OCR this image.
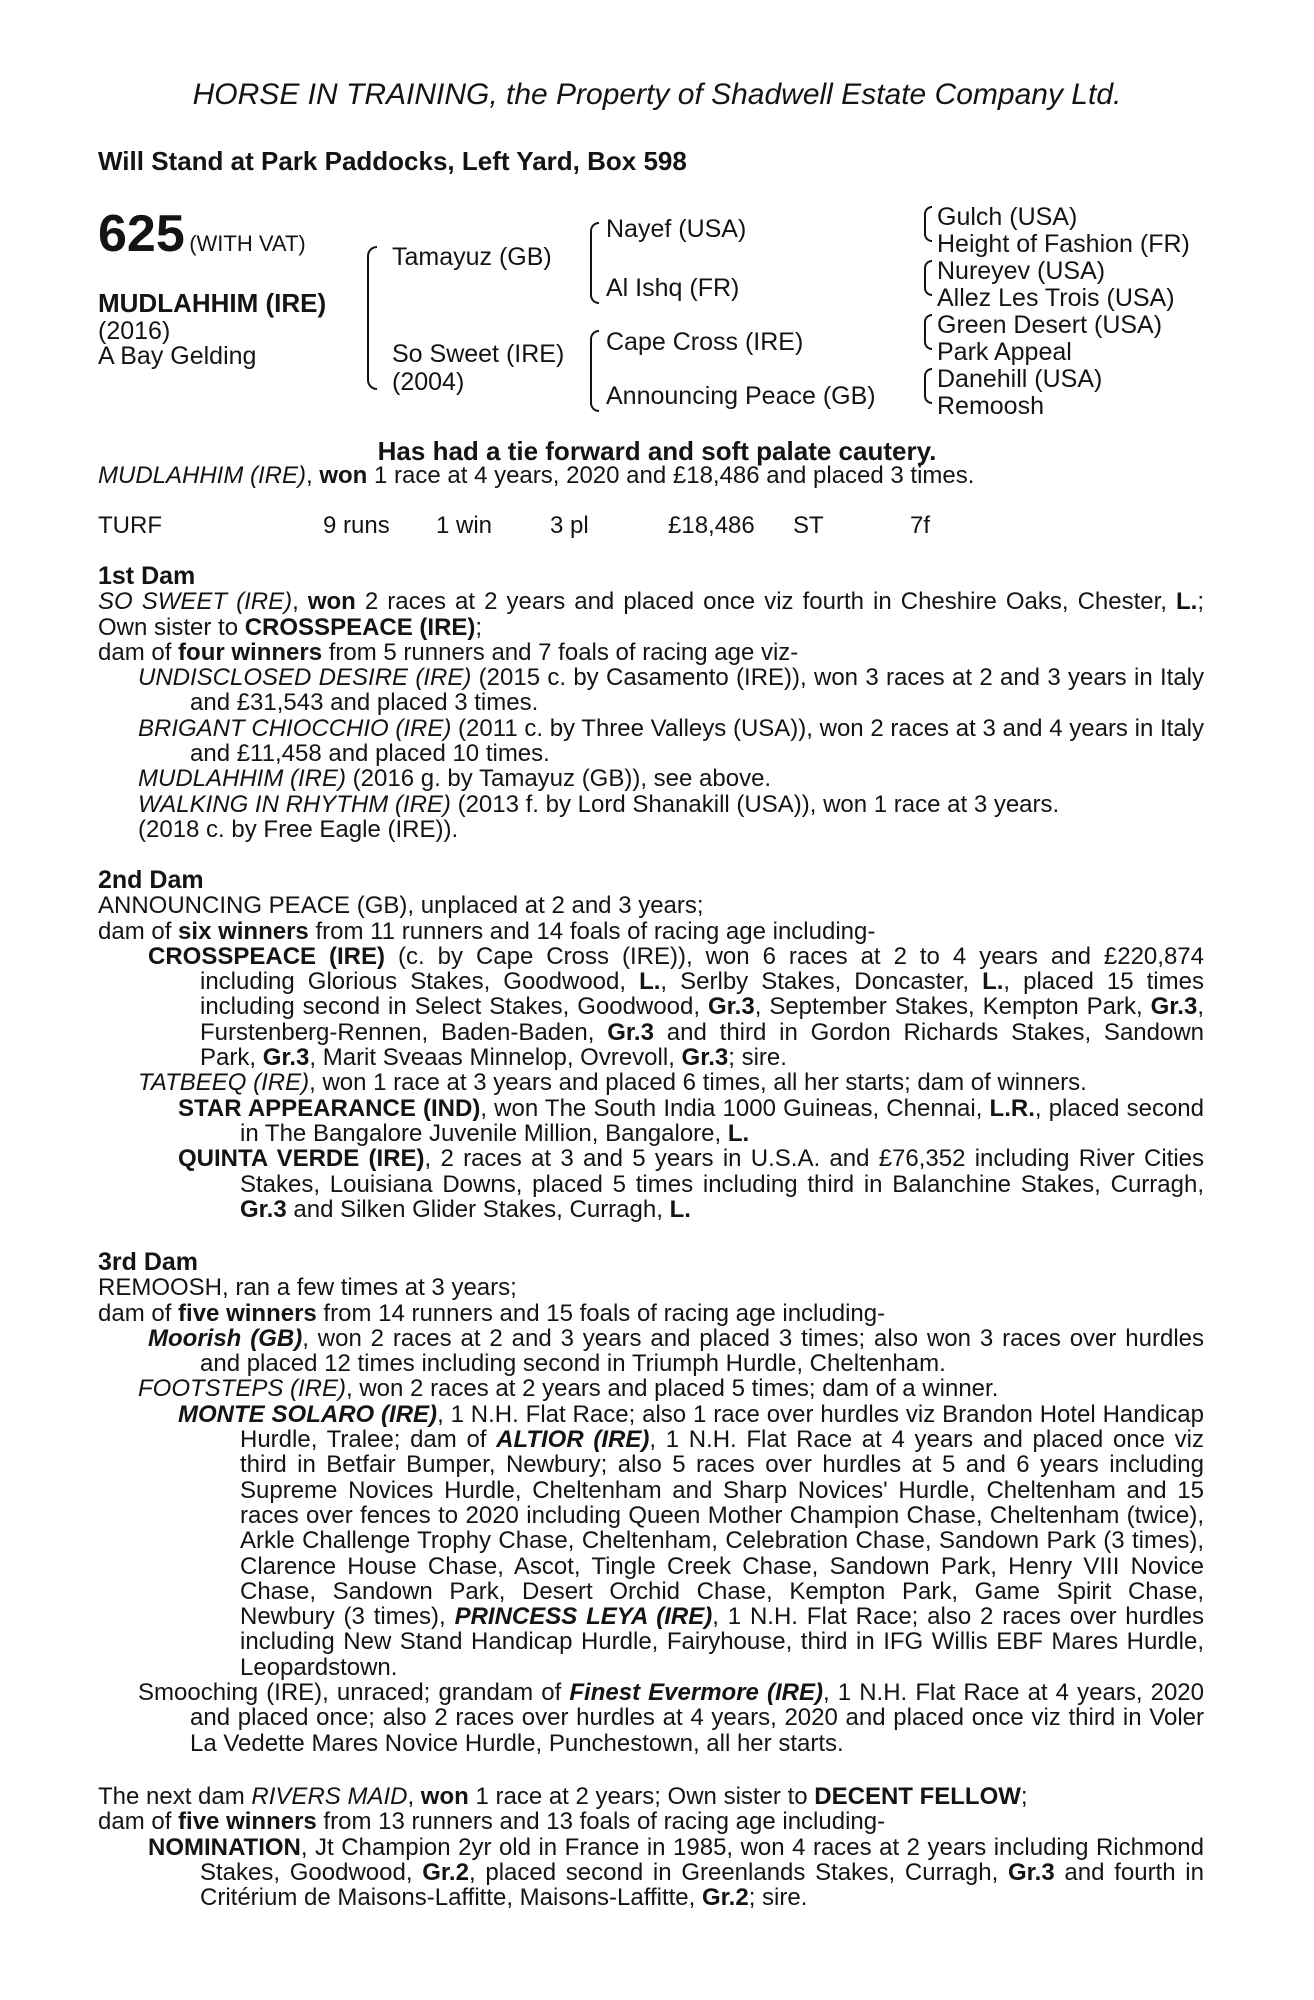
HORSE IN TRAINING, the Property of Shadwell Estate Company Ltd.
Will Stand at Park Paddocks, Left Yard, Box 598
625 (WITH VAT)
MUDLAHHIM (IRE)
(2016)
A Bay Gelding
Tamayuz (GB)
So Sweet (IRE)
(2004)
Nayef (USA)
Al Ishq (FR)
Cape Cross (IRE)
Announcing Peace (GB)
Gulch (USA)
Height of Fashion (FR)
Nureyev (USA)
Allez Les Trois (USA)
Green Desert (USA)
Park Appeal
Danehill (USA)
Remoosh
Has had a tie forward and soft palate cautery.
MUDLAHHIM (IRE), won 1 race at 4 years, 2020 and £18,486 and placed 3 times.
TURF	9 runs 1 win 3 pl	£18,486 ST	7f
1st Dam

SO SWEET (IRE), won 2 races at 2 years and placed once viz fourth in Cheshire Oaks, Chester, L.; Own sister to CROSSPEACE (IRE);

dam of four winners from 5 runners and 7 foals of racing age viz-

UNDISCLOSED DESIRE (IRE) (2015 c. by Casamento (IRE)), won 3 races at 2 and 3 years in Italy and £31,543 and placed 3 times.

BRIGANT CHIOCCHIO (IRE) (2011 c. by Three Valleys (USA)), won 2 races at 3 and 4 years in Italy and £11,458 and placed 10 times.

MUDLAHHIM (IRE) (2016 g. by Tamayuz (GB)), see above.

WALKING IN RHYTHM (IRE) (2013 f. by Lord Shanakill (USA)), won 1 race at 3 years.

(2018 c. by Free Eagle (IRE)).

2nd Dam

ANNOUNCING PEACE (GB), unplaced at 2 and 3 years;

dam of six winners from 11 runners and 14 foals of racing age including-

CROSSPEACE (IRE) (c. by Cape Cross (IRE)), won 6 races at 2 to 4 years and £220,874 including Glorious Stakes, Goodwood, L., Serlby Stakes, Doncaster, L., placed 15 times including second in Select Stakes, Goodwood, Gr.3, September Stakes, Kempton Park, Gr.3, Furstenberg-Rennen, Baden-Baden, Gr.3 and third in Gordon Richards Stakes, Sandown Park, Gr.3, Marit Sveaas Minnelop, Ovrevoll, Gr.3; sire.

TATBEEQ (IRE), won 1 race at 3 years and placed 6 times, all her starts; dam of winners.

STAR APPEARANCE (IND), won The South India 1000 Guineas, Chennai, L.R., placed second in The Bangalore Juvenile Million, Bangalore, L.

QUINTA VERDE (IRE), 2 races at 3 and 5 years in U.S.A. and £76,352 including River Cities Stakes, Louisiana Downs, placed 5 times including third in Balanchine Stakes, Curragh, Gr.3 and Silken Glider Stakes, Curragh, L.

3rd Dam

REMOOSH, ran a few times at 3 years;

dam of five winners from 14 runners and 15 foals of racing age including-

Moorish (GB), won 2 races at 2 and 3 years and placed 3 times; also won 3 races over hurdles and placed 12 times including second in Triumph Hurdle, Cheltenham.

FOOTSTEPS (IRE), won 2 races at 2 years and placed 5 times; dam of a winner.

MONTE SOLARO (IRE), 1 N.H. Flat Race; also 1 race over hurdles viz Brandon Hotel Handicap Hurdle, Tralee; dam of ALTIOR (IRE), 1 N.H. Flat Race at 4 years and placed once viz third in Betfair Bumper, Newbury; also 5 races over hurdles at 5 and 6 years including Supreme Novices Hurdle, Cheltenham and Sharp Novices' Hurdle, Cheltenham and 15 races over fences to 2020 including Queen Mother Champion Chase, Cheltenham (twice), Arkle Challenge Trophy Chase, Cheltenham, Celebration Chase, Sandown Park (3 times), Clarence House Chase, Ascot, Tingle Creek Chase, Sandown Park, Henry VIII Novice Chase, Sandown Park, Desert Orchid Chase, Kempton Park, Game Spirit Chase, Newbury (3 times), PRINCESS LEYA (IRE), 1 N.H. Flat Race; also 2 races over hurdles including New Stand Handicap Hurdle, Fairyhouse, third in IFG Willis EBF Mares Hurdle, Leopardstown.

Smooching (IRE), unraced; grandam of Finest Evermore (IRE), 1 N.H. Flat Race at 4 years, 2020 and placed once; also 2 races over hurdles at 4 years, 2020 and placed once viz third in Voler La Vedette Mares Novice Hurdle, Punchestown, all her starts.

The next dam RIVERS MAID, won 1 race at 2 years; Own sister to DECENT FELLOW;

dam of five winners from 13 runners and 13 foals of racing age including-

NOMINATION, Jt Champion 2yr old in France in 1985, won 4 races at 2 years including Richmond Stakes, Goodwood, Gr.2, placed second in Greenlands Stakes, Curragh, Gr.3 and fourth in Critérium de Maisons-Laffitte, Maisons-Laffitte, Gr.2; sire.
